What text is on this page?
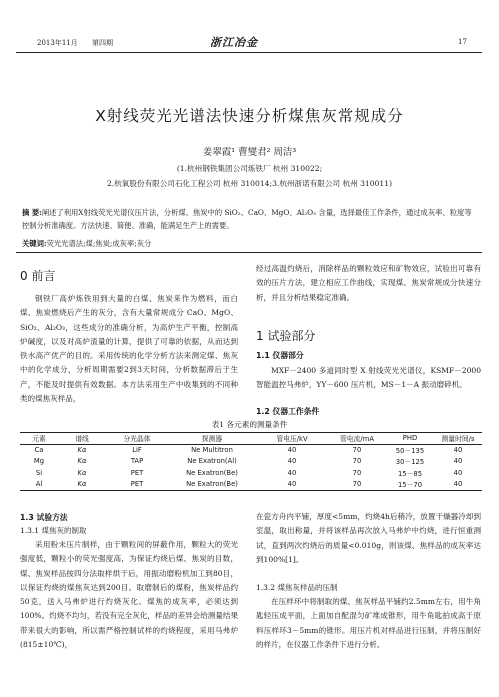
2013年11月 第四期	浙江冶金	17
X射线荧光光谱法快速分析煤焦灰常规成分
姜翠霞¹ 曹燮君² 周洁³
(1.杭州钢铁集团公司炼铁厂 杭州 310022;
2.杭氧股份有限公司石化工程公司 杭州 310014;3.杭州浙诺有限公司 杭州 310011)
摘 要:阐述了利用X射线荧光光谱仪压片法，分析煤、焦炭中的 SiO₂、CaO、MgO、Al₂O₃ 含量，选择最佳工作条件，通过成灰率、粒度等控制分析准确度。方法快速、简便、准确，能满足生产上的需要。
关键词:荧光光谱法;煤;焦炭;成灰率;灰分
0 前言
钢铁厂高炉炼铁用到大量的白煤、焦炭来作为燃料，而白煤、焦炭燃烧后产生的灰分，含有大量常规成分 CaO、MgO、SiO₂、Al₂O₃，这些成分的准确分析，为高炉生产平衡，控制高炉碱度，以及对高炉渣量的计算，提供了可靠的依据，从而达到铁水高产优产的目的。采用传统的化学分析方法来测定煤、焦灰中的化学成分，分析周期需要2到3天时间，分析数据滞后于生产，不能及时提供有效数据。本方法采用生产中收集到的不同种类的煤焦灰样品，
经过高温灼烧后，消除样品的颗粒效应和矿物效应，试验出可靠有效的压片方法，建立相应工作曲线，实现煤、焦炭常规成分快速分析，并且分析结果稳定准确。
1 试验部分
1.1 仪器部分
MXF－2400 多道同时型 X 射线荧光光谱仪，KSMF－2000 智能温控马弗炉，YY－600 压片机，MS－1－A 振动磨碎机。
1.2 仪器工作条件
表1 各元素的测量条件
元素	谱线	分光晶体	探测器	管电压/kV	管电流/mA	PHD	测量时间/s
Ca	Kα	LiF	Ne Multitron	40	70	50－135	40
Mg	Kα	TAP	Ne Exatron(Al)	40	70	30－125	40
Si	Kα	PET	Ne Exatron(Be)	40	70	15－85	40
Al	Kα	PET	Ne Exatron(Be)	40	70	15－70	40
1.3 试验方法
1.3.1 煤焦灰的制取
采用粉末压片制样，由于颗粒间的屏蔽作用，颗粒大的荧光强度低，颗粒小的荧光强度高，为保证灼烧后煤、焦炭的目数，煤、焦炭样品按四分法取样烘干后，用振动磨粉机加工到80目，以保证灼烧的煤焦灰达到200目。取磨制后的煤粉，焦炭样品约50克，送入马弗炉进行灼烧灰化。煤焦的成灰率，必须达到100%。灼烧不均匀，若没有完全灰化，样品的差异会给测量结果带来很大的影响，所以需严格控制试样的灼烧程度，采用马弗炉(815±10℃)，
在瓷方舟内平铺，厚度<5mm，灼烧4h后稍冷，放置干燥器冷却到室温，取出称量，并将该样品再次放入马弗炉中灼烧，进行恒重测试，直到两次灼烧后的质量<0.010g，则该煤、焦样品的成灰率达到100%[1]。
1.3.2 煤焦灰样品的压制
在压样环中将制取的煤、焦灰样品平铺约2.5mm左右，用牛角匙轻压成平面，上面加自配混匀矿堆成锥形，用牛角匙拍成高于原料压样环3－5mm的锥形。用压片机对样品进行压制，并将压制好的样片，在仪器工作条件下进行分析。
